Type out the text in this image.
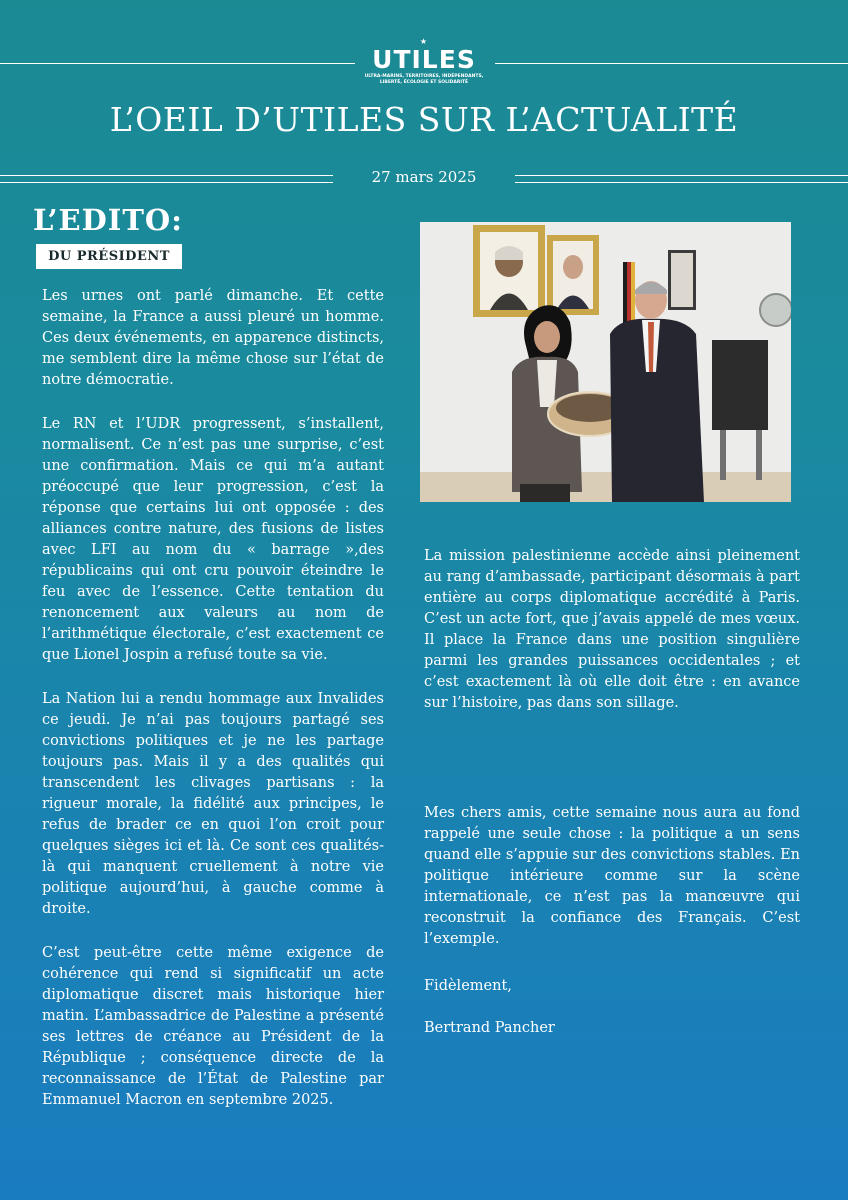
★
UTILES
ULTRA-MARINS, TERRITOIRES, INDÉPENDANTS, LIBERTÉ, ÉCOLOGIE ET SOLIDARITÉ
L’OEIL D’UTILES SUR L’ACTUALITÉ
27 mars 2025
L’EDITO:
DU PRÉSIDENT

Les urnes ont parlé dimanche. Et cette semaine, la France a aussi pleuré un homme. Ces deux événements, en apparence distincts, me semblent dire la même chose sur l’état de notre démocratie.

Le RN et l’UDR progressent, s’installent, normalisent. Ce n’est pas une surprise, c’est une confirmation. Mais ce qui m’a autant préoccupé que leur progression, c’est la réponse que certains lui ont opposée : des alliances contre nature, des fusions de listes avec LFI au nom du « barrage »,des républicains qui ont cru pouvoir éteindre le feu avec de l’essence. Cette tentation du renoncement aux valeurs au nom de l’arithmétique électorale, c’est exactement ce que Lionel Jospin a refusé toute sa vie.

La Nation lui a rendu hommage aux Invalides ce jeudi. Je n’ai pas toujours partagé ses convictions politiques et je ne les partage toujours pas. Mais il y a des qualités qui transcendent les clivages partisans : la rigueur morale, la fidélité aux principes, le refus de brader ce en quoi l’on croit pour quelques sièges ici et là. Ce sont ces qualités-là qui manquent cruellement à notre vie politique aujourd’hui, à gauche comme à droite.

C’est peut-être cette même exigence de cohérence qui rend si significatif un acte diplomatique discret mais historique hier matin. L’ambassadrice de Palestine a présenté ses lettres de créance au Président de la République ; conséquence directe de la reconnaissance de l’État de Palestine par Emmanuel Macron en septembre 2025.

La mission palestinienne accède ainsi pleinement au rang d’ambassade, participant désormais à part entière au corps diplomatique accrédité à Paris. C’est un acte fort, que j’avais appelé de mes vœux. Il place la France dans une position singulière parmi les grandes puissances occidentales ; et c’est exactement là où elle doit être : en avance sur l’histoire, pas dans son sillage.
Mes chers amis, cette semaine nous aura au fond rappelé une seule chose : la politique a un sens quand elle s’appuie sur des convictions stables. En politique intérieure comme sur la scène internationale, ce n’est pas la manœuvre qui reconstruit la confiance des Français. C’est l’exemple.
Fidèlement,
Bertrand Pancher
